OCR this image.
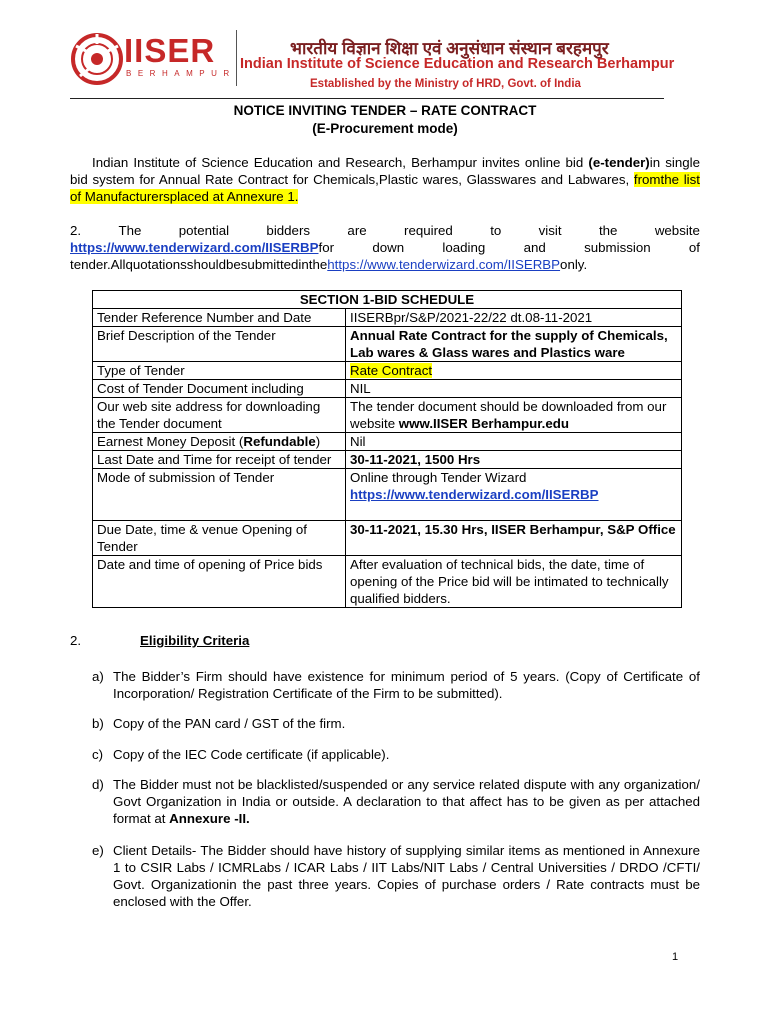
IISER
BERHAMPUR
भारतीय विज्ञान शिक्षा एवं अनुसंधान संस्थान बरहमपुर
Indian Institute of Science Education and Research Berhampur
Established by the Ministry of HRD, Govt. of India
NOTICE INVITING TENDER – RATE CONTRACT
(E-Procurement mode)
Indian Institute of Science Education and Research, Berhampur invites online bid (e-tender)in single bid system for Annual Rate Contract for Chemicals,Plastic wares, Glasswares and Labwares, fromthe list of Manufacturersplaced at Annexure 1.
2.	The	potential	bidders	are	required	to	visit	the	website
https://www.tenderwizard.com/IISERBPfor	down	loading	and	submission	of
tender.Allquotationsshouldbesubmittedinthehttps://www.tenderwizard.com/IISERBPonly.
SECTION 1-BID SCHEDULE	
Tender Reference Number and Date	IISERBpr/S&P/2021-22/22 dt.08-11-2021
Brief Description of the Tender	Annual Rate Contract for the supply of Chemicals, Lab wares & Glass wares and Plastics ware
Type of Tender	Rate Contract
Cost of Tender Document including	NIL
Our web site address for downloading the Tender document	The tender document should be downloaded from our website www.IISER Berhampur.edu
Earnest Money Deposit (Refundable)	Nil
Last Date and Time for receipt of tender	30-11-2021, 1500 Hrs
Mode of submission of Tender	Online through Tender Wizard
https://www.tenderwizard.com/IISERBP

Due Date, time & venue Opening of Tender	30-11-2021, 15.30 Hrs, IISER Berhampur, S&P Office
Date and time of opening of Price bids	After evaluation of technical bids, the date, time of opening of the Price bid will be intimated to technically qualified bidders.
2.	Eligibility Criteria
a) The Bidder’s Firm should have existence for minimum period of 5 years. (Copy of Certificate of Incorporation/ Registration Certificate of the Firm to be submitted).
b) Copy of the PAN card / GST of the firm.
c) Copy of the IEC Code certificate (if applicable).
d) The Bidder must not be blacklisted/suspended or any service related dispute with any organization/ Govt Organization in India or outside. A declaration to that affect has to be given as per attached format at Annexure -II.
e) Client Details- The Bidder should have history of supplying similar items as mentioned in Annexure 1 to CSIR Labs / ICMRLabs / ICAR Labs / IIT Labs/NIT Labs / Central Universities / DRDO /CFTI/ Govt. Organizationin the past three years. Copies of purchase orders / Rate contracts must be enclosed with the Offer.
1
